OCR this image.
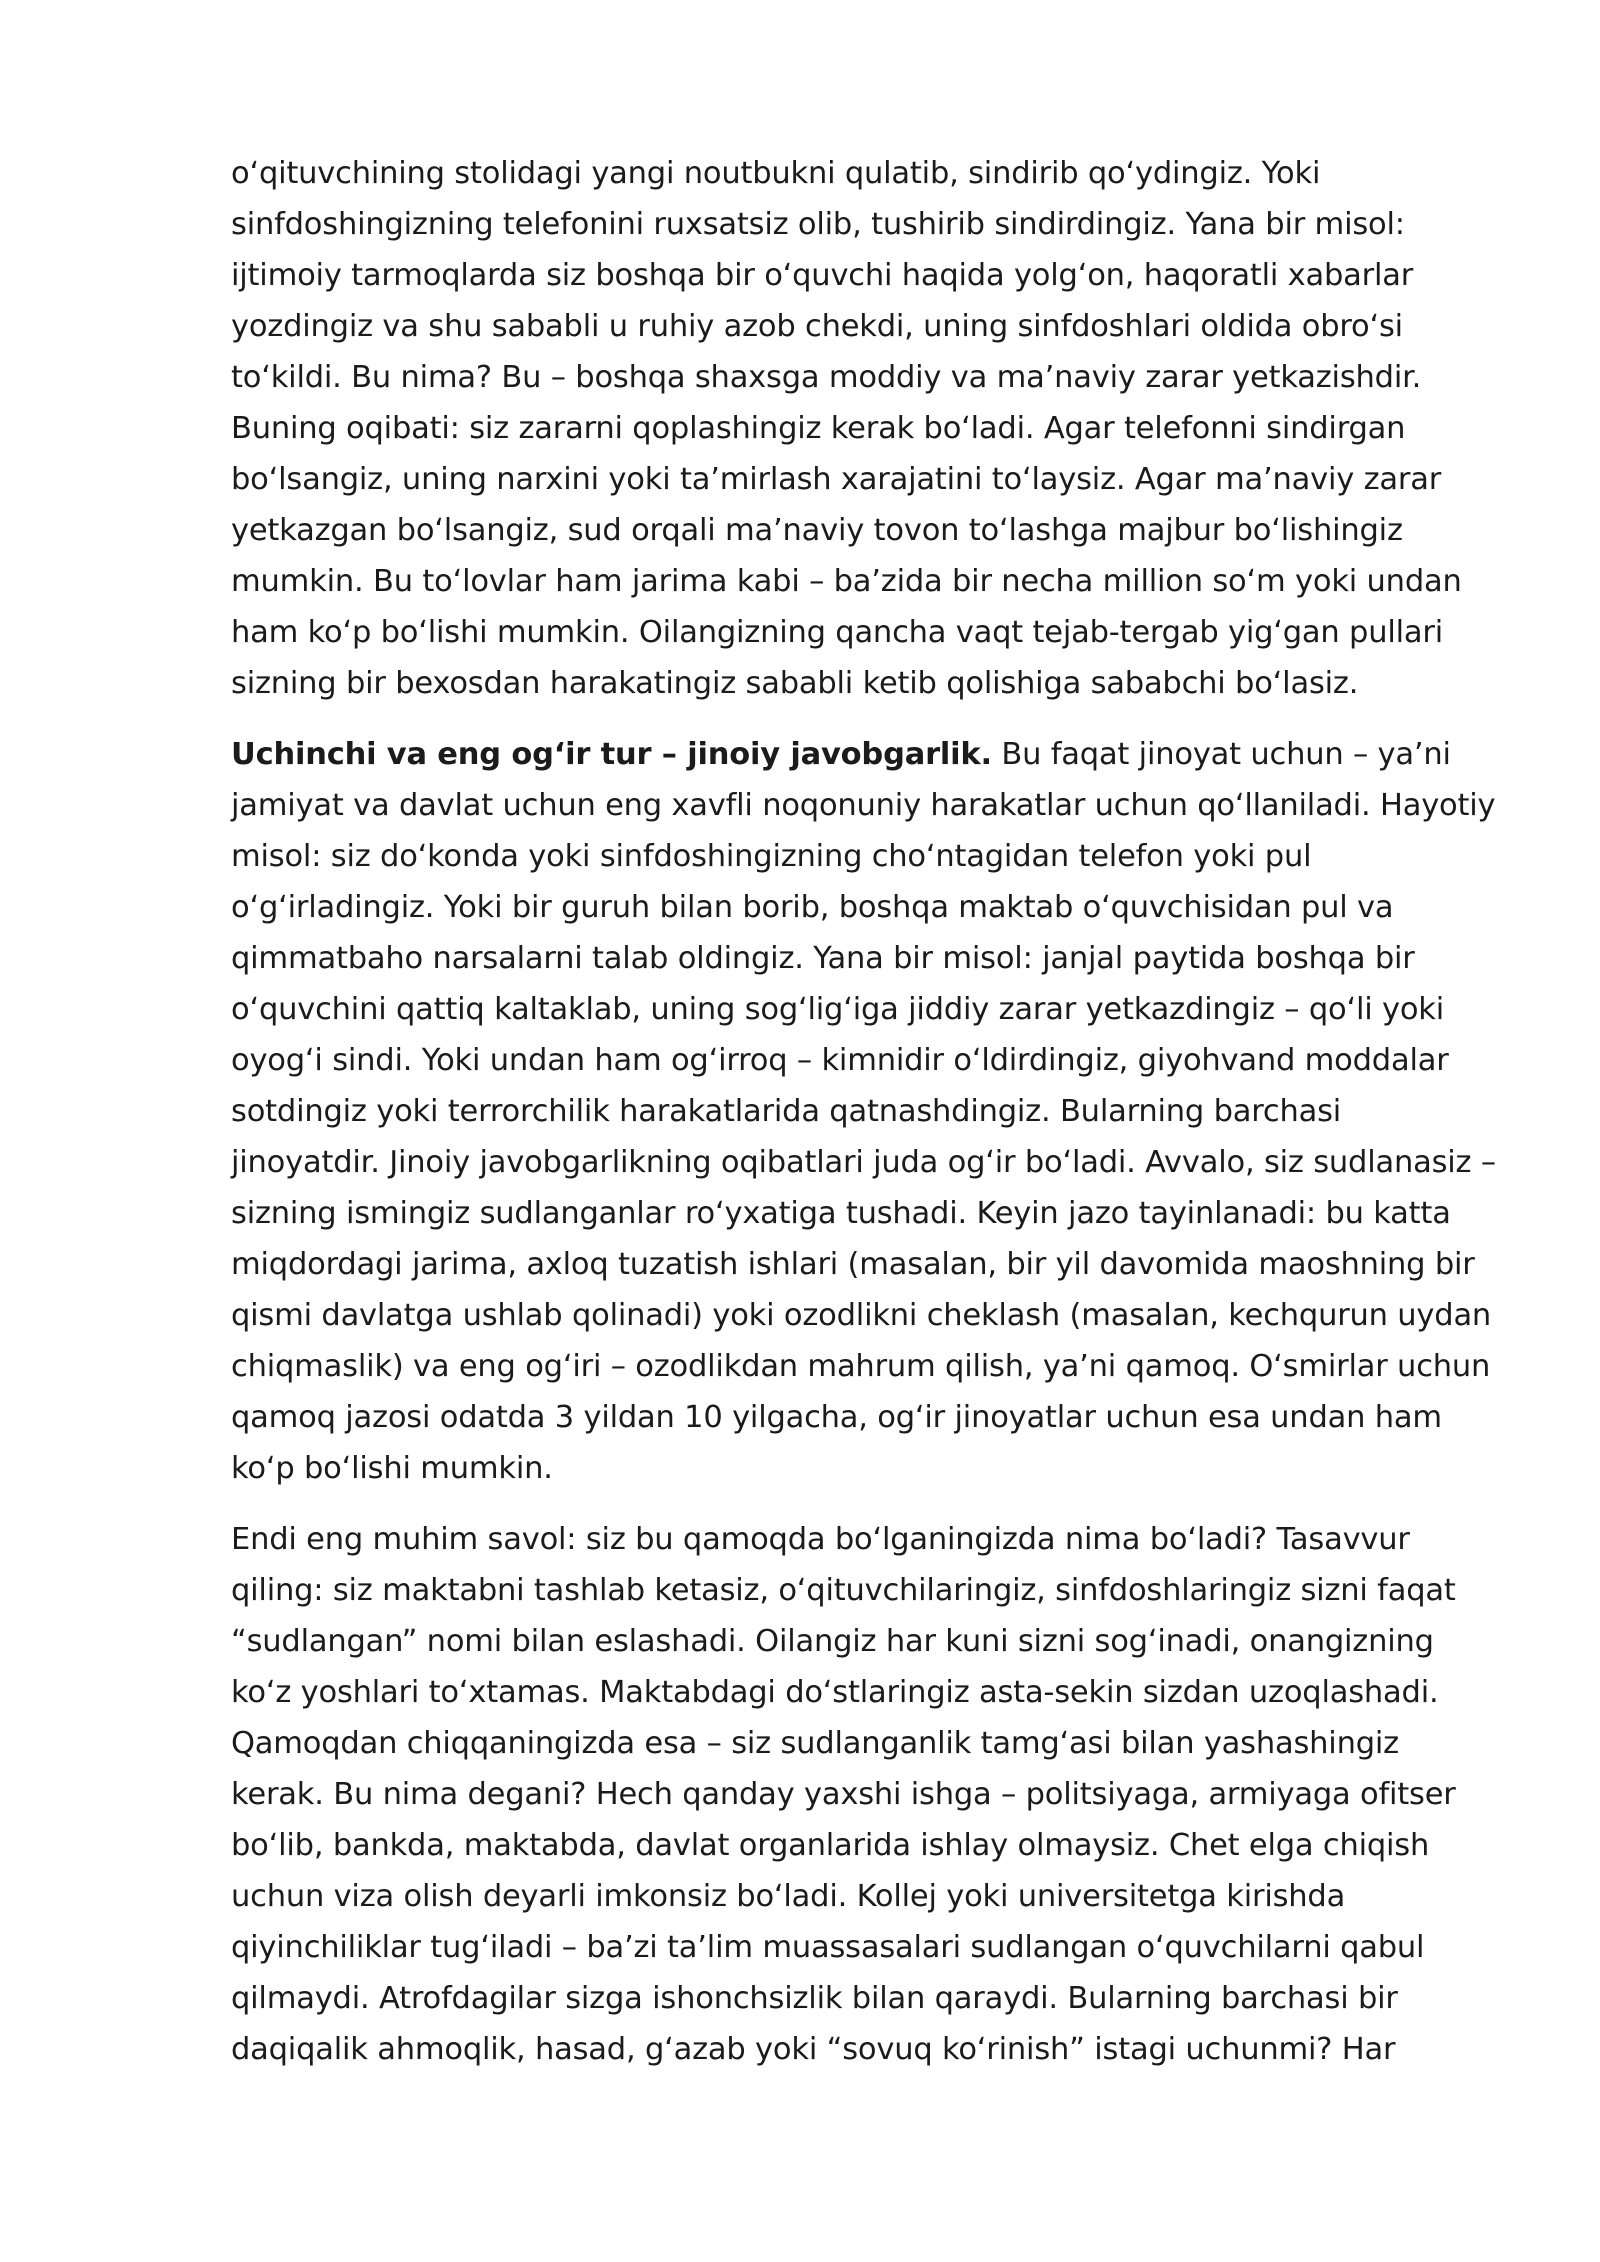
oʻqituvchining stolidagi yangi noutbukni qulatib, sindirib qoʻydingiz. Yoki
sinfdoshingizning telefonini ruxsatsiz olib, tushirib sindirdingiz. Yana bir misol:
ijtimoiy tarmoqlarda siz boshqa bir oʻquvchi haqida yolgʻon, haqoratli xabarlar
yozdingiz va shu sababli u ruhiy azob chekdi, uning sinfdoshlari oldida obroʻsi
toʻkildi. Bu nima? Bu – boshqa shaxsga moddiy va maʼnaviy zarar yetkazishdir.
Buning oqibati: siz zararni qoplashingiz kerak boʻladi. Agar telefonni sindirgan
boʻlsangiz, uning narxini yoki taʼmirlash xarajatini toʻlaysiz. Agar maʼnaviy zarar
yetkazgan boʻlsangiz, sud orqali maʼnaviy tovon toʻlashga majbur boʻlishingiz
mumkin. Bu toʻlovlar ham jarima kabi – baʼzida bir necha million soʻm yoki undan
ham koʻp boʻlishi mumkin. Oilangizning qancha vaqt tejab-tergab yigʻgan pullari
sizning bir bexosdan harakatingiz sababli ketib qolishiga sababchi boʻlasiz.

Uchinchi va eng ogʻir tur – jinoiy javobgarlik. Bu faqat jinoyat uchun – yaʼni
jamiyat va davlat uchun eng xavfli noqonuniy harakatlar uchun qoʻllaniladi. Hayotiy
misol: siz doʻkonda yoki sinfdoshingizning choʻntagidan telefon yoki pul
oʻgʻirladingiz. Yoki bir guruh bilan borib, boshqa maktab oʻquvchisidan pul va
qimmatbaho narsalarni talab oldingiz. Yana bir misol: janjal paytida boshqa bir
oʻquvchini qattiq kaltaklab, uning sogʻligʻiga jiddiy zarar yetkazdingiz – qoʻli yoki
oyogʻi sindi. Yoki undan ham ogʻirroq – kimnidir oʻldirdingiz, giyohvand moddalar
sotdingiz yoki terrorchilik harakatlarida qatnashdingiz. Bularning barchasi
jinoyatdir. Jinoiy javobgarlikning oqibatlari juda ogʻir boʻladi. Avvalo, siz sudlanasiz –
sizning ismingiz sudlanganlar roʻyxatiga tushadi. Keyin jazo tayinlanadi: bu katta
miqdordagi jarima, axloq tuzatish ishlari (masalan, bir yil davomida maoshning bir
qismi davlatga ushlab qolinadi) yoki ozodlikni cheklash (masalan, kechqurun uydan
chiqmaslik) va eng ogʻiri – ozodlikdan mahrum qilish, yaʼni qamoq. Oʻsmirlar uchun
qamoq jazosi odatda 3 yildan 10 yilgacha, ogʻir jinoyatlar uchun esa undan ham
koʻp boʻlishi mumkin.

Endi eng muhim savol: siz bu qamoqda boʻlganingizda nima boʻladi? Tasavvur
qiling: siz maktabni tashlab ketasiz, oʻqituvchilaringiz, sinfdoshlaringiz sizni faqat
“sudlangan” nomi bilan eslashadi. Oilangiz har kuni sizni sogʻinadi, onangizning
koʻz yoshlari toʻxtamas. Maktabdagi doʻstlaringiz asta-sekin sizdan uzoqlashadi.
Qamoqdan chiqqaningizda esa – siz sudlanganlik tamgʻasi bilan yashashingiz
kerak. Bu nima degani? Hech qanday yaxshi ishga – politsiyaga, armiyaga ofitser
boʻlib, bankda, maktabda, davlat organlarida ishlay olmaysiz. Chet elga chiqish
uchun viza olish deyarli imkonsiz boʻladi. Kollej yoki universitetga kirishda
qiyinchiliklar tugʻiladi – baʼzi taʼlim muassasalari sudlangan oʻquvchilarni qabul
qilmaydi. Atrofdagilar sizga ishonchsizlik bilan qaraydi. Bularning barchasi bir
daqiqalik ahmoqlik, hasad, gʻazab yoki “sovuq koʻrinish” istagi uchunmi? Har
